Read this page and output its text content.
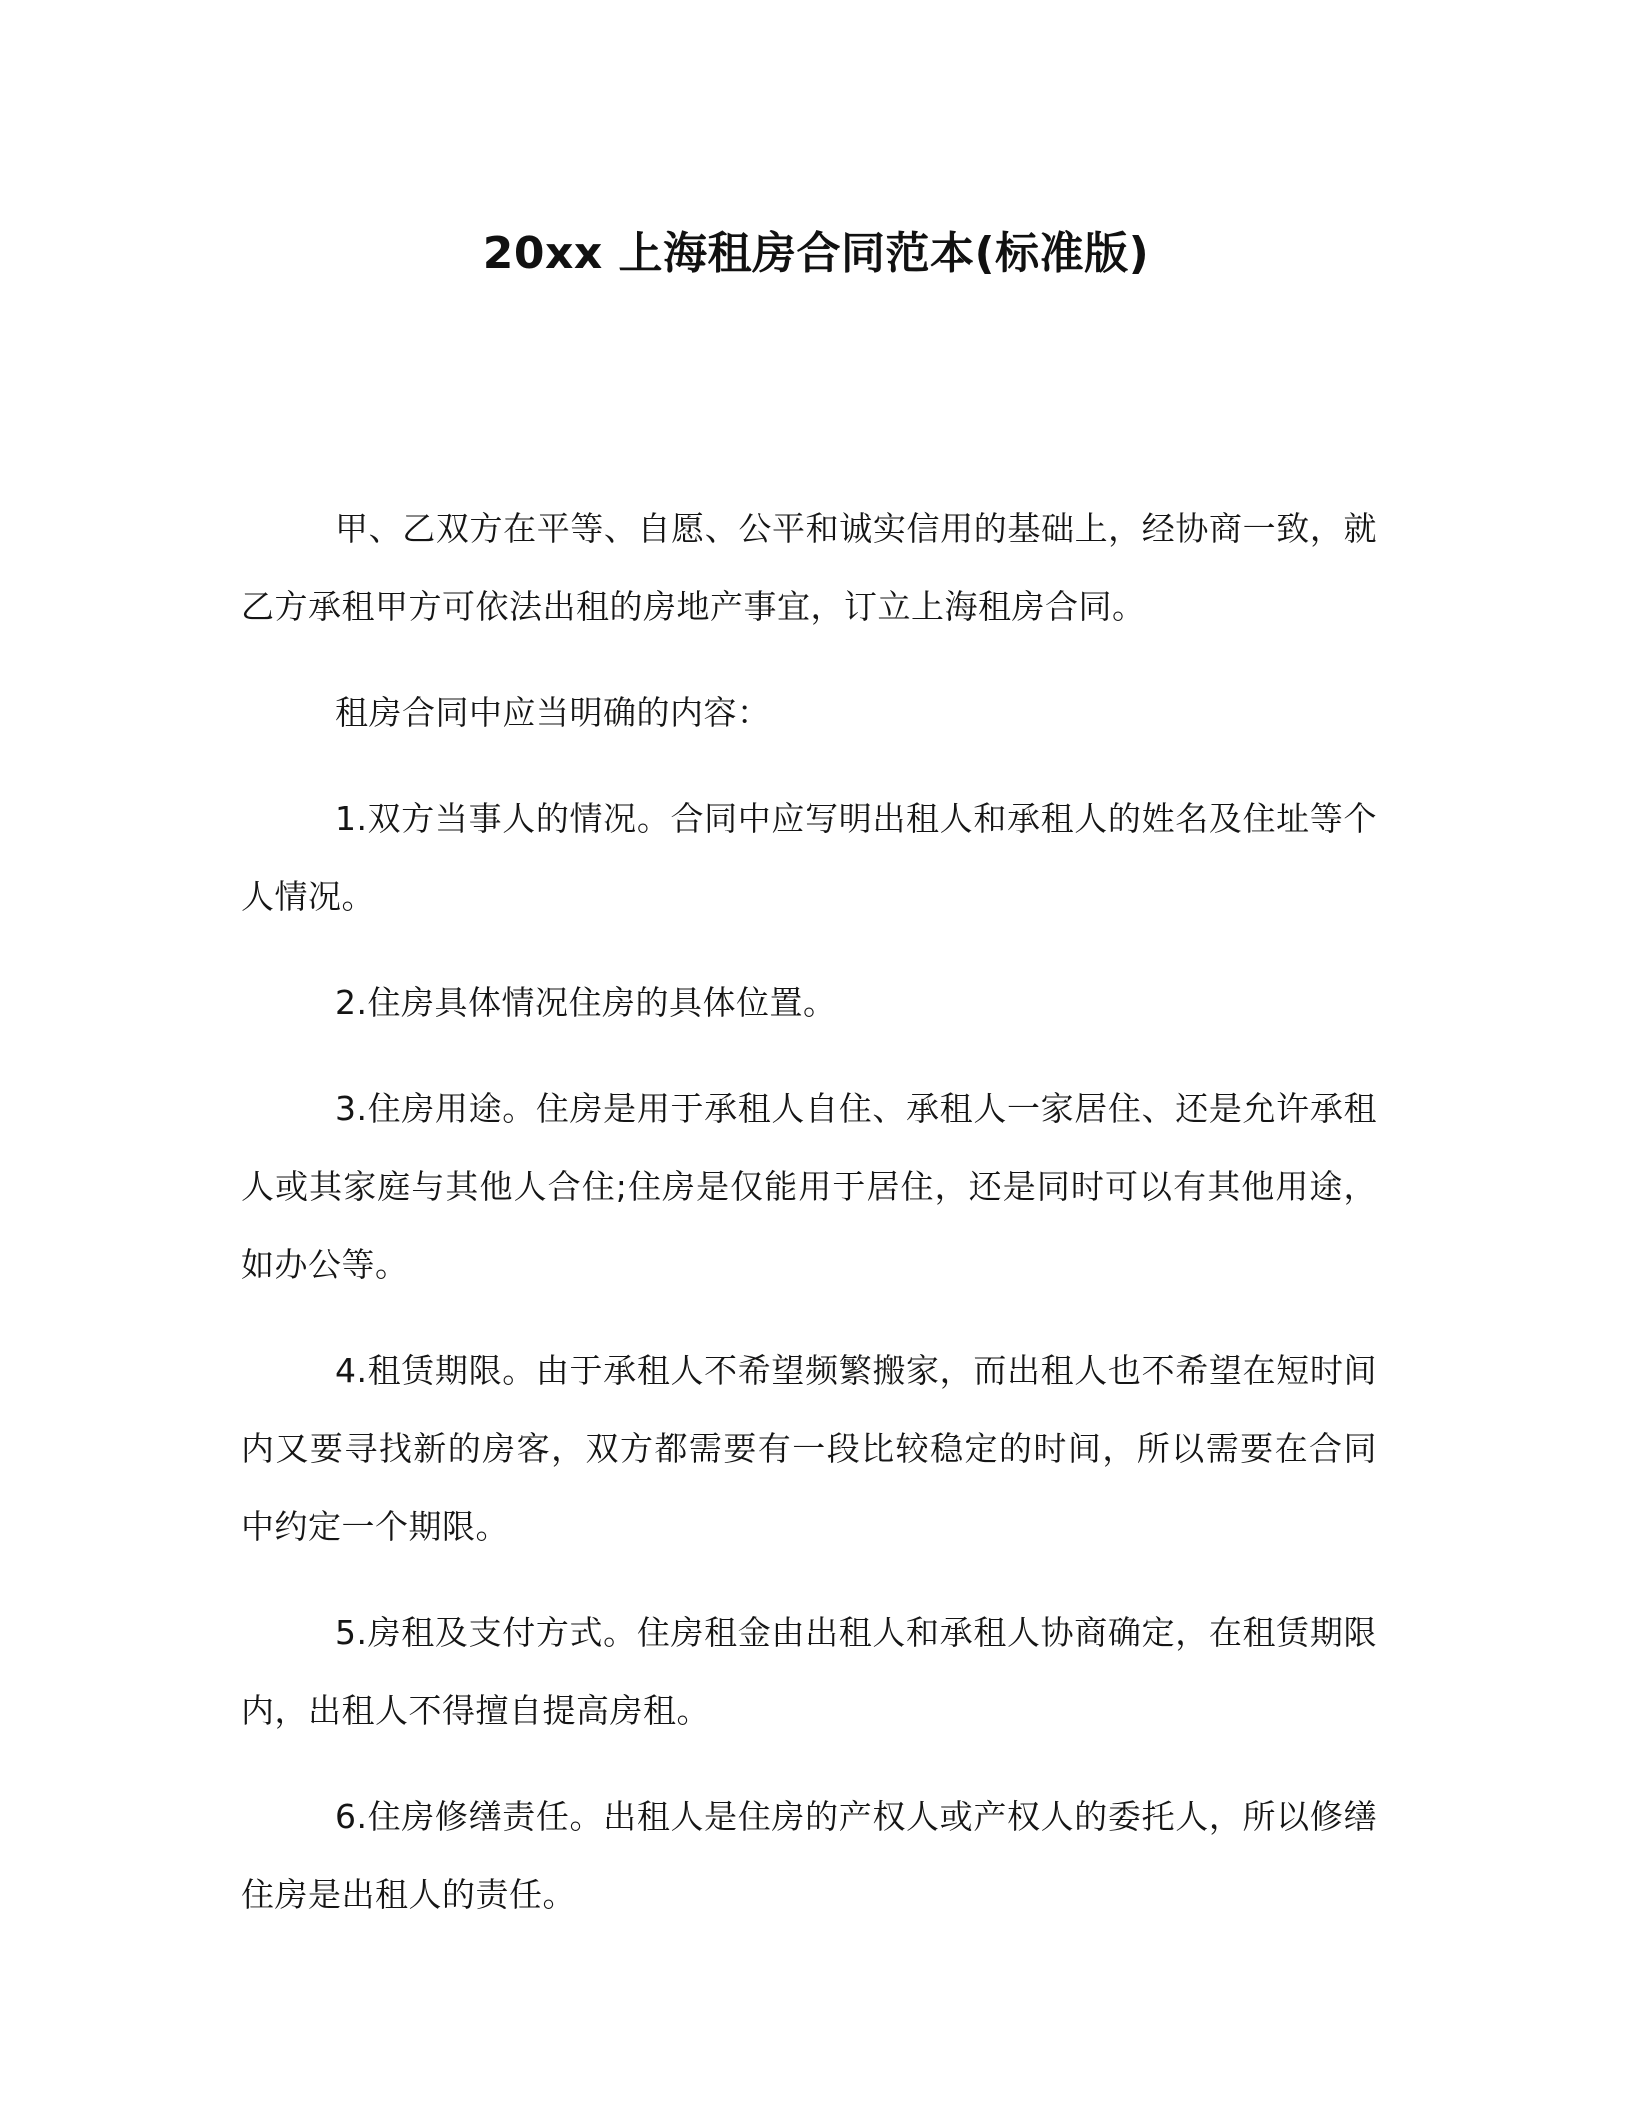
20xx 上海租房合同范本(标准版)

甲、乙双方在平等、自愿、公平和诚实信用的基础上，经协商一致，就乙方承租甲方可依法出租的房地产事宜，订立上海租房合同。

租房合同中应当明确的内容：

1.双方当事人的情况。合同中应写明出租人和承租人的姓名及住址等个人情况。

2.住房具体情况住房的具体位置。

3.住房用途。住房是用于承租人自住、承租人一家居住、还是允许承租人或其家庭与其他人合住;住房是仅能用于居住，还是同时可以有其他用途，如办公等。

4.租赁期限。由于承租人不希望频繁搬家，而出租人也不希望在短时间内又要寻找新的房客，双方都需要有一段比较稳定的时间，所以需要在合同中约定一个期限。

5.房租及支付方式。住房租金由出租人和承租人协商确定，在租赁期限内，出租人不得擅自提高房租。

6.住房修缮责任。出租人是住房的产权人或产权人的委托人，所以修缮住房是出租人的责任。
